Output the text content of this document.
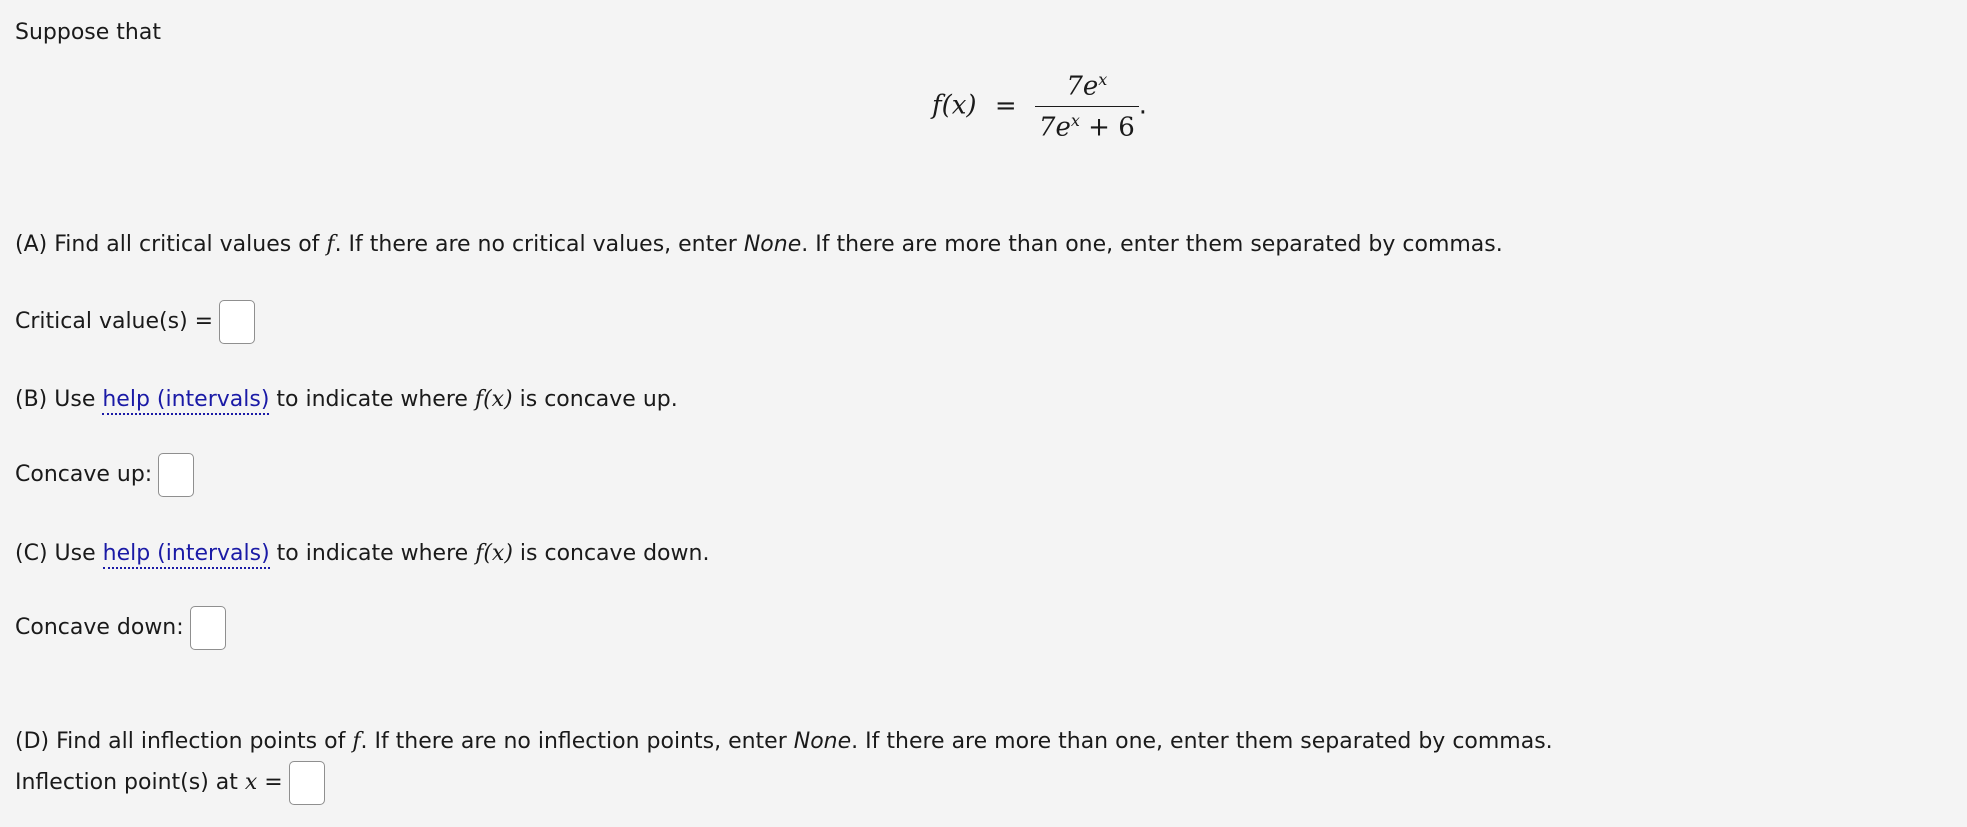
Suppose that
$f(x) = \frac{7e^x}{7e^x + 6}$ .
(A) Find all critical values of f. If there are no critical values, enter None. If there are more than one, enter them separated by commas.
Critical value(s) =
(B) Use help (intervals) to indicate where f(x) is concave up.
Concave up:
(C) Use help (intervals) to indicate where f(x) is concave down.
Concave down:
(D) Find all inflection points of f. If there are no inflection points, enter None. If there are more than one, enter them separated by commas.
Inflection point(s) at x =
